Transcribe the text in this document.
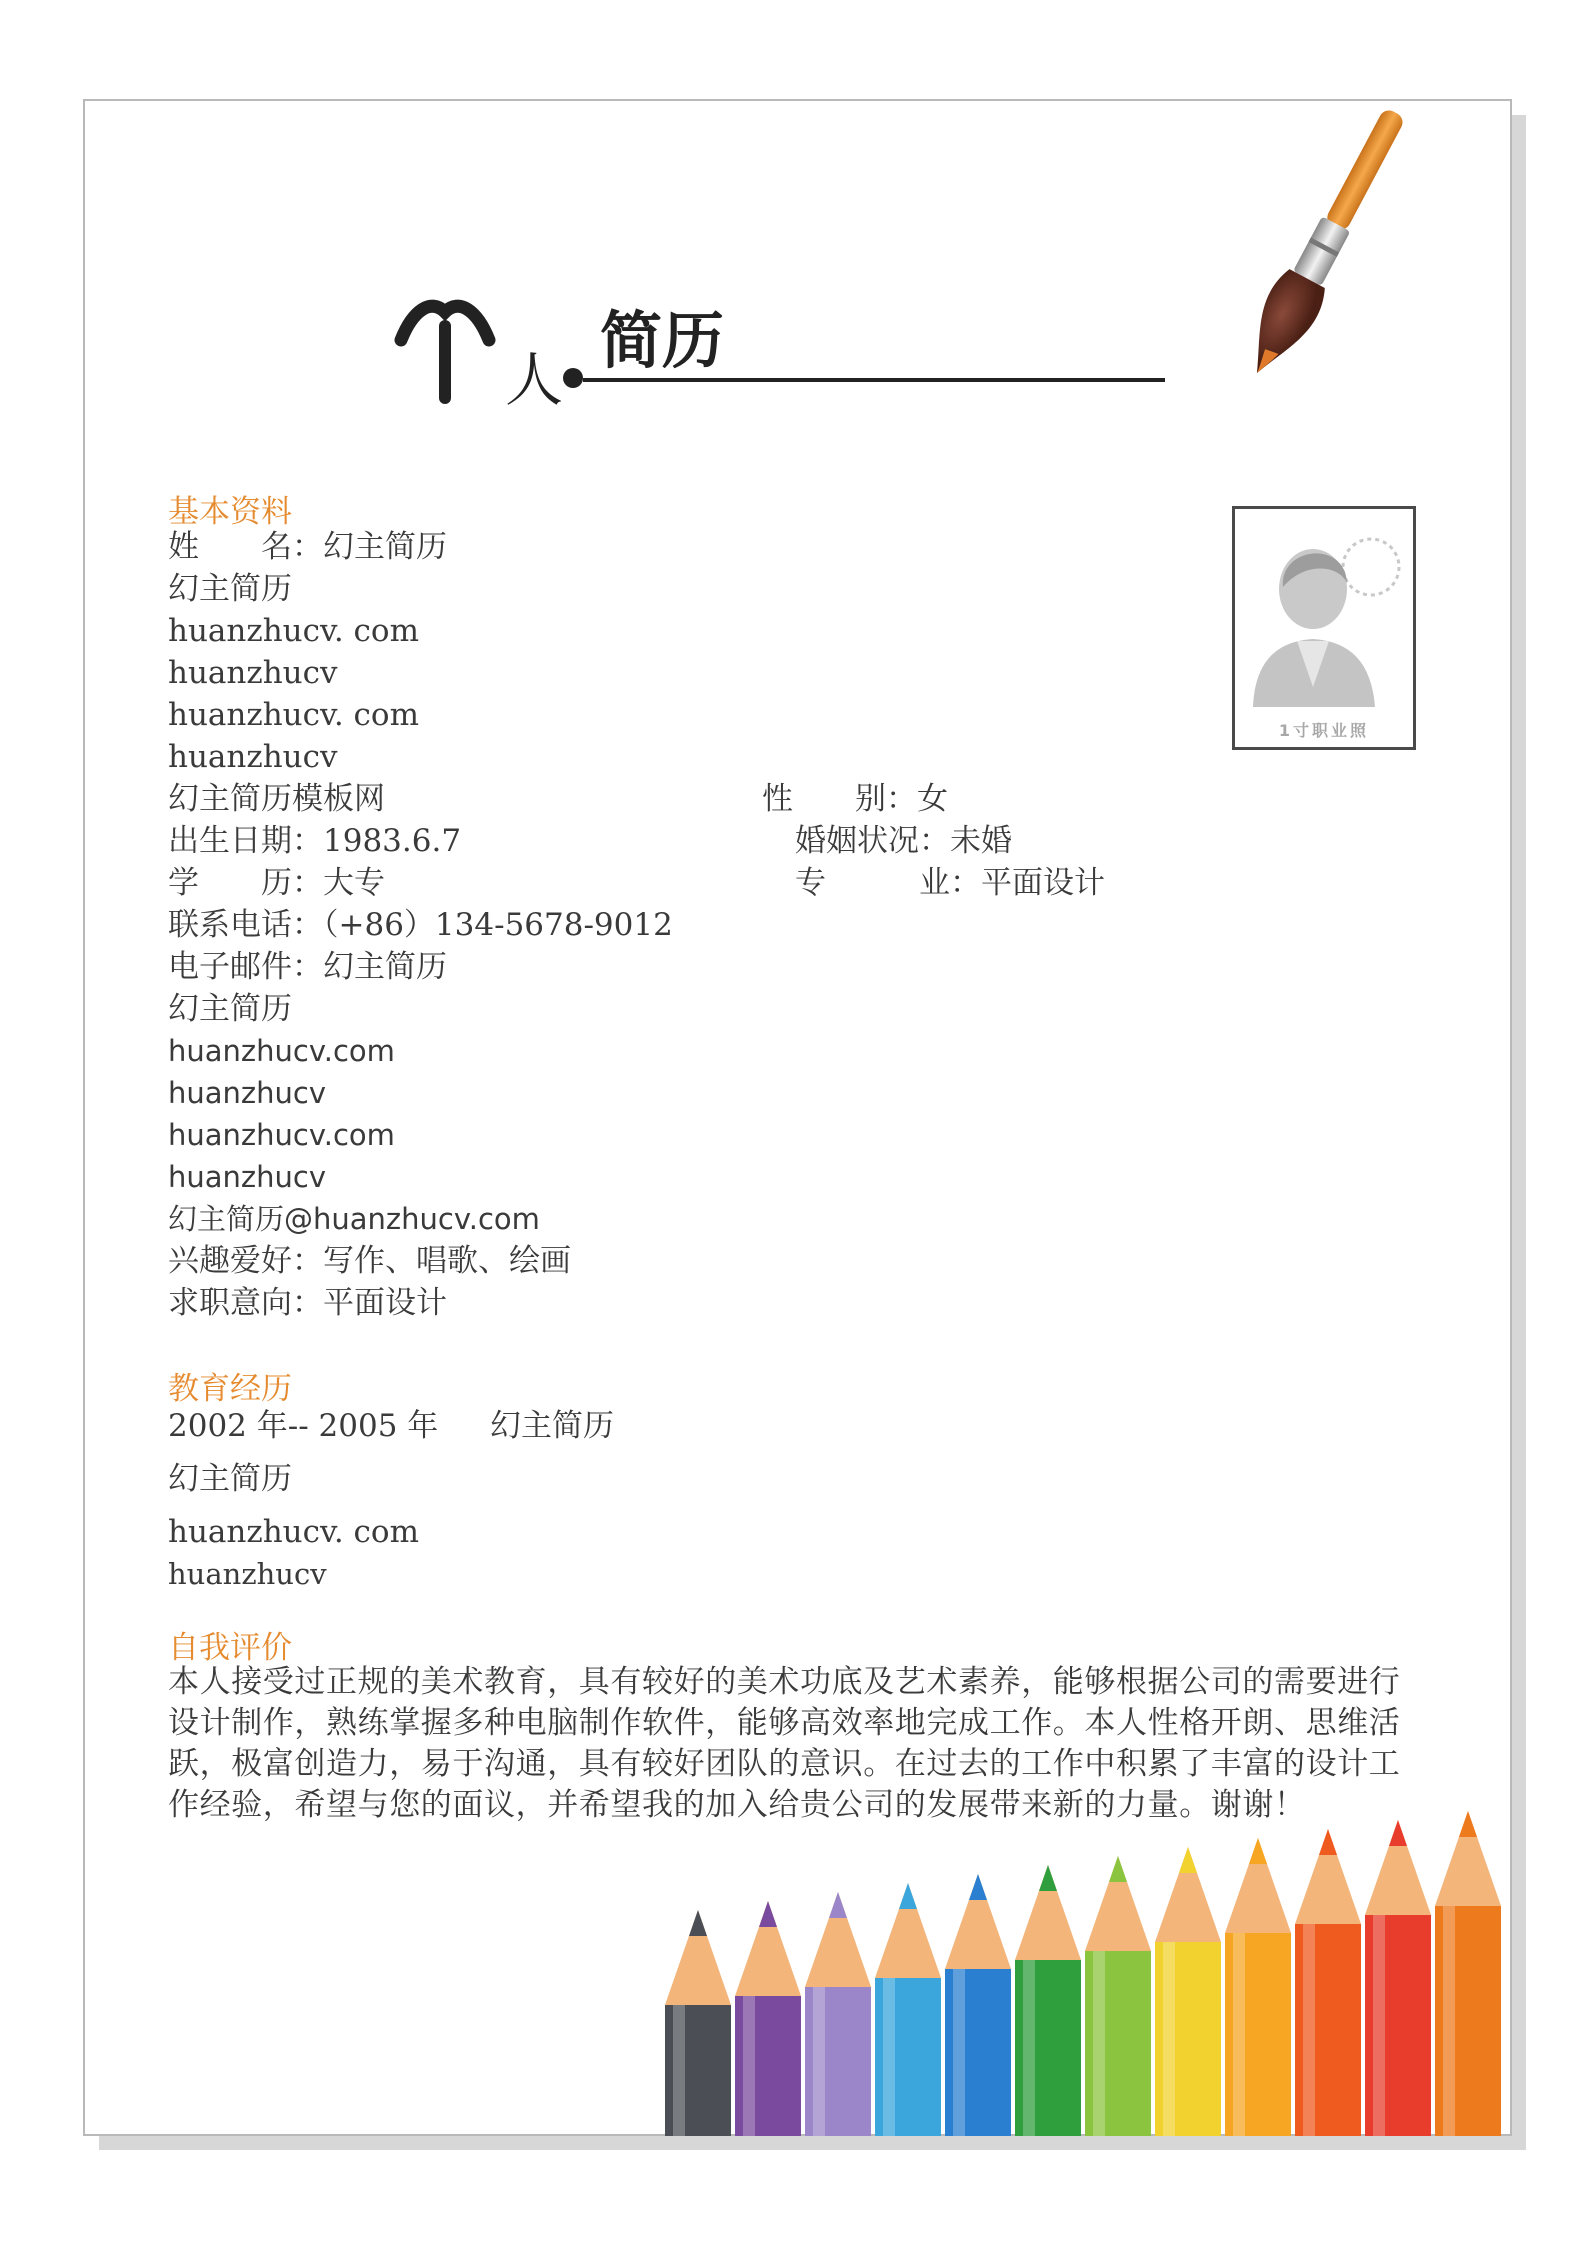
人
简历
个
基本资料
姓　　名：幻主简历
幻主简历
huanzhucv. com
huanzhucv
huanzhucv. com
huanzhucv
幻主简历模板网	性　　别：女
出生日期：1983.6.7	婚姻状况：未婚
学　　历：大专	专　　　业：平面设计
联系电话：（+86）134-5678-9012
电子邮件：幻主简历
幻主简历
huanzhucv.com
huanzhucv
huanzhucv.com
huanzhucv
幻主简历@huanzhucv.com
兴趣爱好：写作、唱歌、绘画
求职意向：平面设计
1寸职业照
教育经历
2002 年-- 2005 年 幻主简历
幻主简历
huanzhucv. com
huanzhucv
自我评价
本人接受过正规的美术教育，具有较好的美术功底及艺术素养，能够根据公司的需要进行
设计制作，熟练掌握多种电脑制作软件，能够高效率地完成工作。本人性格开朗、思维活
跃，极富创造力，易于沟通，具有较好团队的意识。在过去的工作中积累了丰富的设计工
作经验，希望与您的面议，并希望我的加入给贵公司的发展带来新的力量。谢谢！
